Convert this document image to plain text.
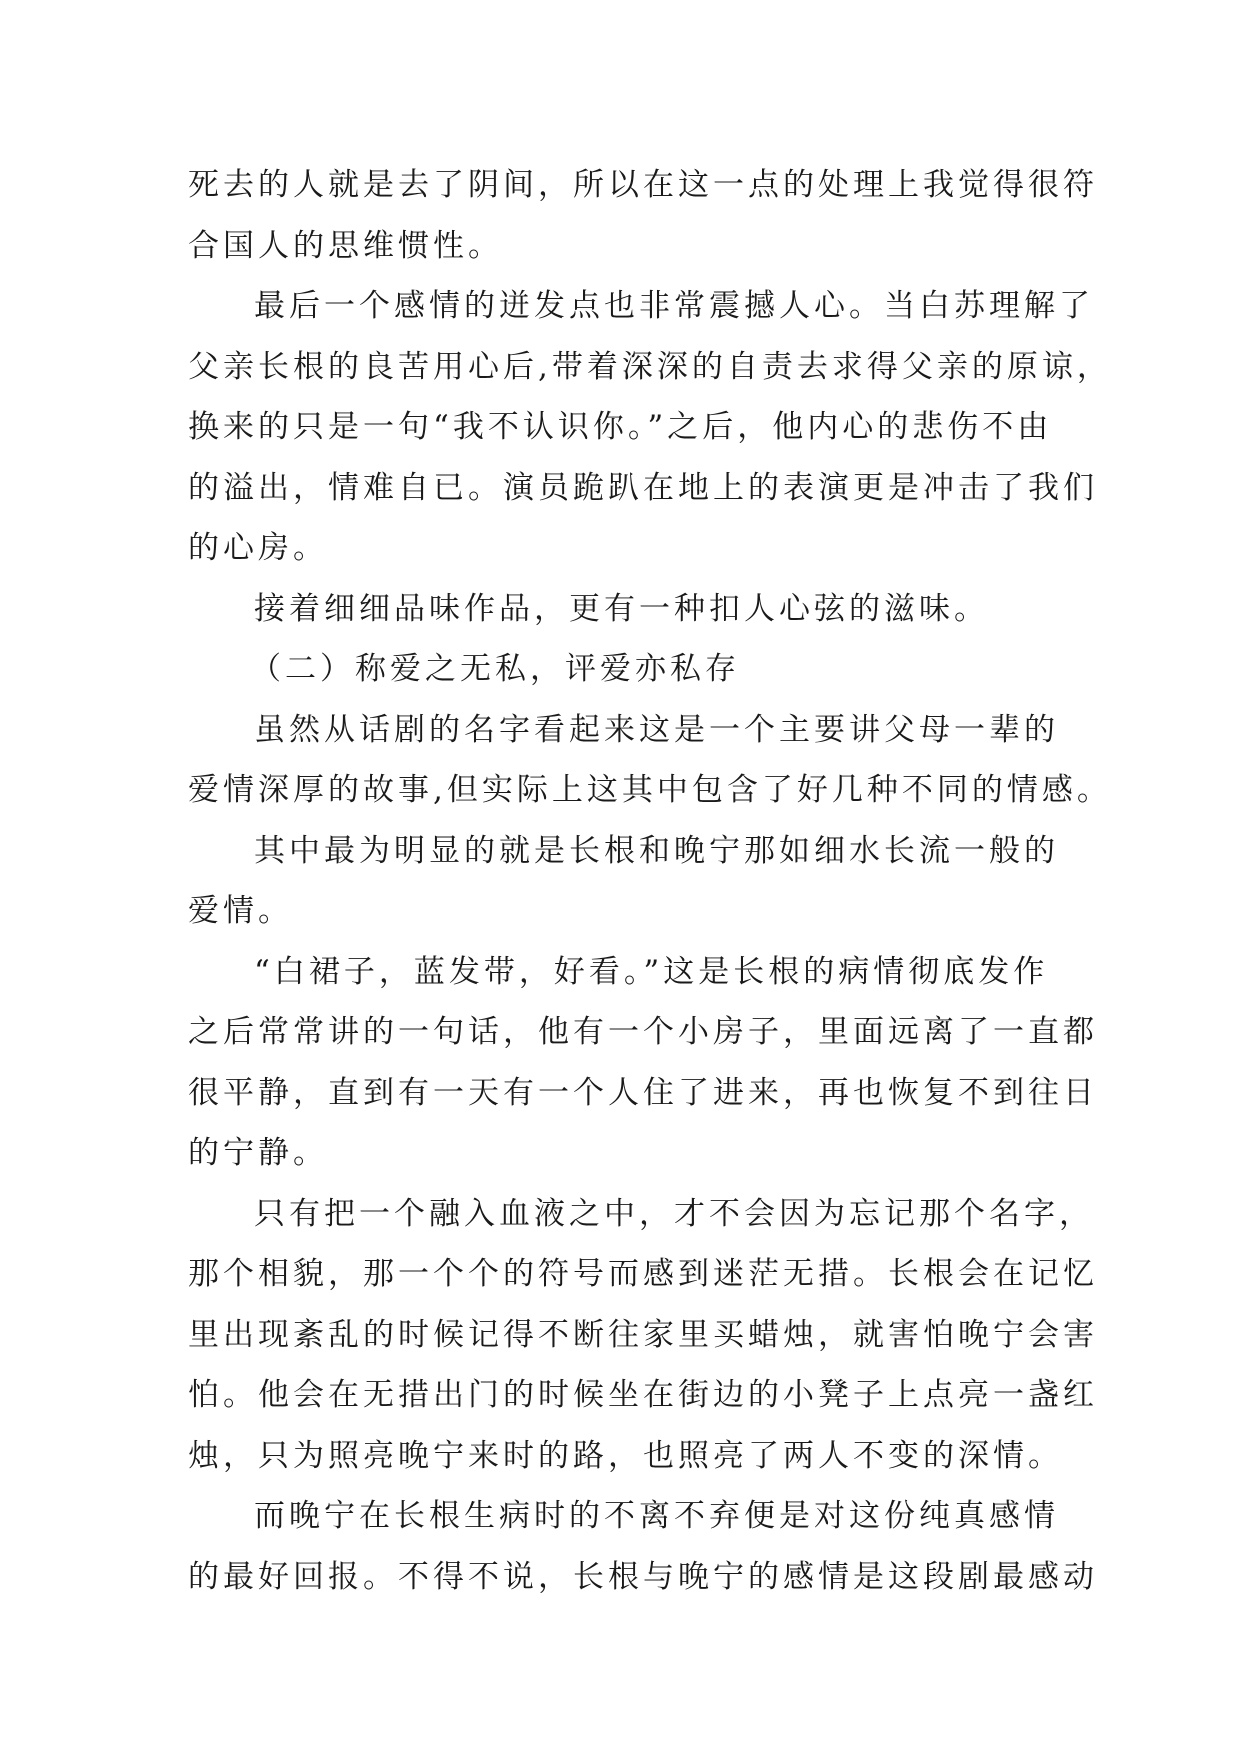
死去的人就是去了阴间，所以在这一点的处理上我觉得很符
合国人的思维惯性。
最后一个感情的迸发点也非常震撼人心。当白苏理解了
父亲长根的良苦用心后,带着深深的自责去求得父亲的原谅，
换来的只是一句“我不认识你。”之后，他内心的悲伤不由
的溢出，情难自已。演员跪趴在地上的表演更是冲击了我们
的心房。
接着细细品味作品，更有一种扣人心弦的滋味。
（二）称爱之无私，评爱亦私存
虽然从话剧的名字看起来这是一个主要讲父母一辈的
爱情深厚的故事,但实际上这其中包含了好几种不同的情感。
其中最为明显的就是长根和晚宁那如细水长流一般的
爱情。
“白裙子，蓝发带，好看。”这是长根的病情彻底发作
之后常常讲的一句话，他有一个小房子，里面远离了一直都
很平静，直到有一天有一个人住了进来，再也恢复不到往日
的宁静。
只有把一个融入血液之中，才不会因为忘记那个名字，
那个相貌，那一个个的符号而感到迷茫无措。长根会在记忆
里出现紊乱的时候记得不断往家里买蜡烛，就害怕晚宁会害
怕。他会在无措出门的时候坐在街边的小凳子上点亮一盏红
烛，只为照亮晚宁来时的路，也照亮了两人不变的深情。
而晚宁在长根生病时的不离不弃便是对这份纯真感情
的最好回报。不得不说，长根与晚宁的感情是这段剧最感动
